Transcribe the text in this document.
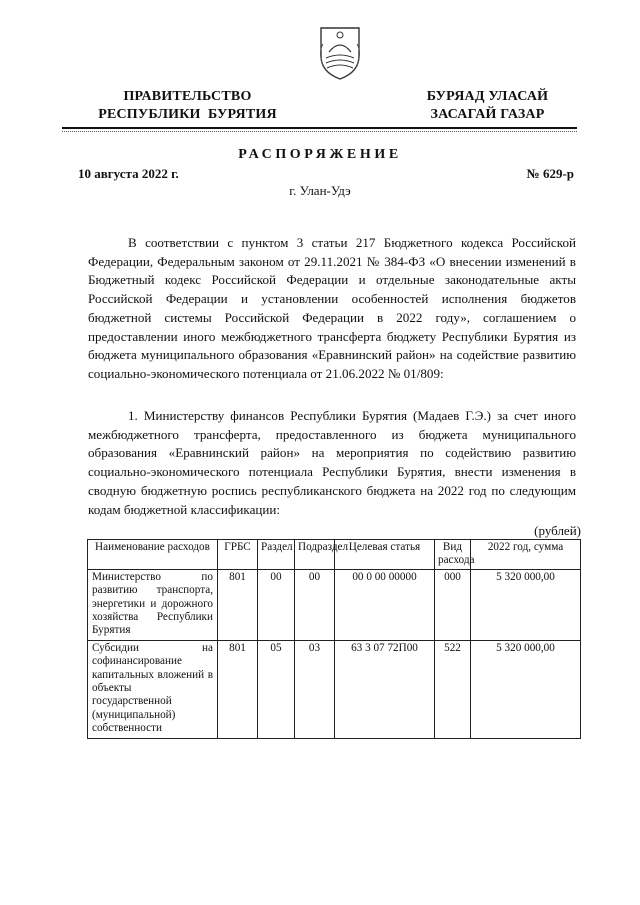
ПРАВИТЕЛЬСТВО
РЕСПУБЛИКИ  БУРЯТИЯ
БУРЯАД УЛАСАЙ
ЗАСАГАЙ ГАЗАР
РАСПОРЯЖЕНИЕ
10 августа 2022 г.	№ 629-р
г. Улан-Удэ

В соответствии с пунктом 3 статьи 217 Бюджетного кодекса Российской Федерации, Федеральным законом от 29.11.2021 № 384-ФЗ «О внесении изменений в Бюджетный кодекс Российской Федерации и отдельные законодательные акты Российской Федерации и установлении особенностей исполнения бюджетов бюджетной системы Российской Федерации в 2022 году», соглашением о предоставлении иного межбюджетного трансферта бюджету Республики Бурятия из бюджета муниципального образования «Еравнинский район» на содействие развитию социально-экономического потенциала от 21.06.2022 № 01/809:

1. Министерству финансов Республики Бурятия (Мадаев Г.Э.) за счет иного межбюджетного трансферта, предоставленного из бюджета муниципального образования «Еравнинский район» на мероприятия по содействию развитию социально-экономического потенциала Республики Бурятия, внести изменения в сводную бюджетную роспись республиканского бюджета на 2022 год по следующим кодам бюджетной классификации:

(рублей)
Наименование расходов	ГРБС	Раздел	Подраздел	Целевая статья	Вид расхода	2022 год, сумма
Министерство по развитию транспорта, энергетики и дорожного хозяйства Республики Бурятия	801	00	00	00 0 00 00000	000	5 320 000,00
Субсидии на софинансирование капитальных вложений в объекты государственной (муниципальной) собственности	801	05	03	63 3 07 72П00	522	5 320 000,00
